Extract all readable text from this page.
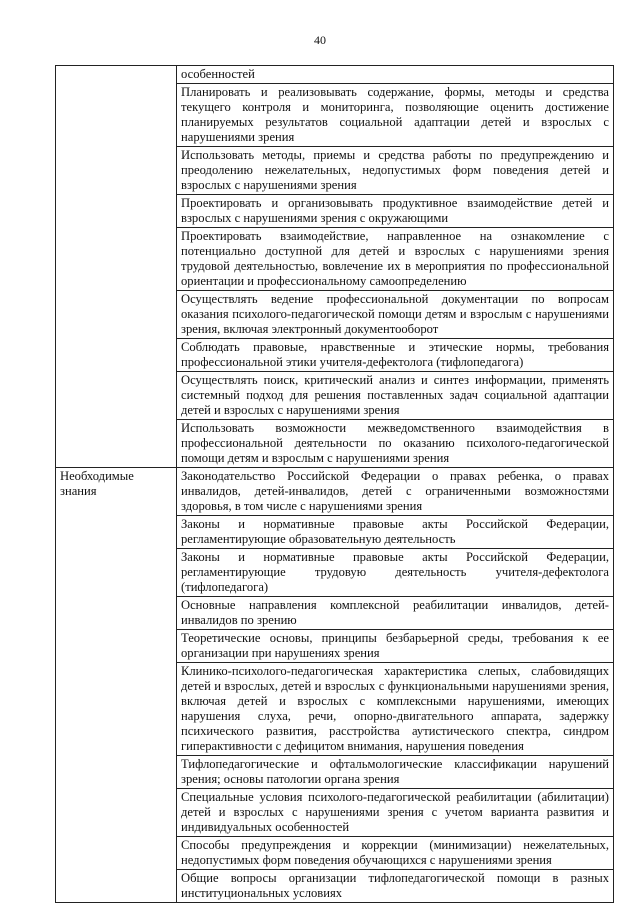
40

	особенностей

	Планировать и реализовывать содержание, формы, методы и средства текущего контроля и мониторинга, позволяющие оценить достижение планируемых результатов социальной адаптации детей и взрослых с нарушениями зрения

	Использовать методы, приемы и средства работы по предупреждению и преодолению нежелательных, недопустимых форм поведения детей и взрослых с нарушениями зрения

	Проектировать и организовывать продуктивное взаимодействие детей и взрослых с нарушениями зрения с окружающими

	Проектировать взаимодействие, направленное на ознакомление с потенциально доступной для детей и взрослых с нарушениями зрения трудовой деятельностью, вовлечение их в мероприятия по профессиональной ориентации и профессиональному самоопределению

	Осуществлять ведение профессиональной документации по вопросам оказания психолого-педагогической помощи детям и взрослым с нарушениями зрения, включая электронный документооборот

	Соблюдать правовые, нравственные и этические нормы, требования профессиональной этики учителя-дефектолога (тифлопедагога)

	Осуществлять поиск, критический анализ и синтез информации, применять системный подход для решения поставленных задач социальной адаптации детей и взрослых с нарушениями зрения

	Использовать возможности межведомственного взаимодействия в профессиональной деятельности по оказанию психолого-педагогической помощи детям и взрослым с нарушениями зрения

Необходимые знания	Законодательство Российской Федерации о правах ребенка, о правах инвалидов, детей-инвалидов, детей с ограниченными возможностями здоровья, в том числе с нарушениями зрения

	Законы и нормативные правовые акты Российской Федерации, регламентирующие образовательную деятельность

	Законы и нормативные правовые акты Российской Федерации, регламентирующие трудовую деятельность учителя-дефектолога (тифлопедагога)

	Основные направления комплексной реабилитации инвалидов, детей-инвалидов по зрению

	Теоретические основы, принципы безбарьерной среды, требования к ее организации при нарушениях зрения

	Клинико-психолого-педагогическая характеристика слепых, слабовидящих детей и взрослых, детей и взрослых с функциональными нарушениями зрения, включая детей и взрослых с комплексными нарушениями, имеющих нарушения слуха, речи, опорно-двигательного аппарата, задержку психического развития, расстройства аутистического спектра, синдром гиперактивности с дефицитом внимания, нарушения поведения

	Тифлопедагогические и офтальмологические классификации нарушений зрения; основы патологии органа зрения

	Специальные условия психолого-педагогической реабилитации (абилитации) детей и взрослых с нарушениями зрения с учетом варианта развития и индивидуальных особенностей

	Способы предупреждения и коррекции (минимизации) нежелательных, недопустимых форм поведения обучающихся с нарушениями зрения

	Общие вопросы организации тифлопедагогической помощи в разных институциональных условиях
